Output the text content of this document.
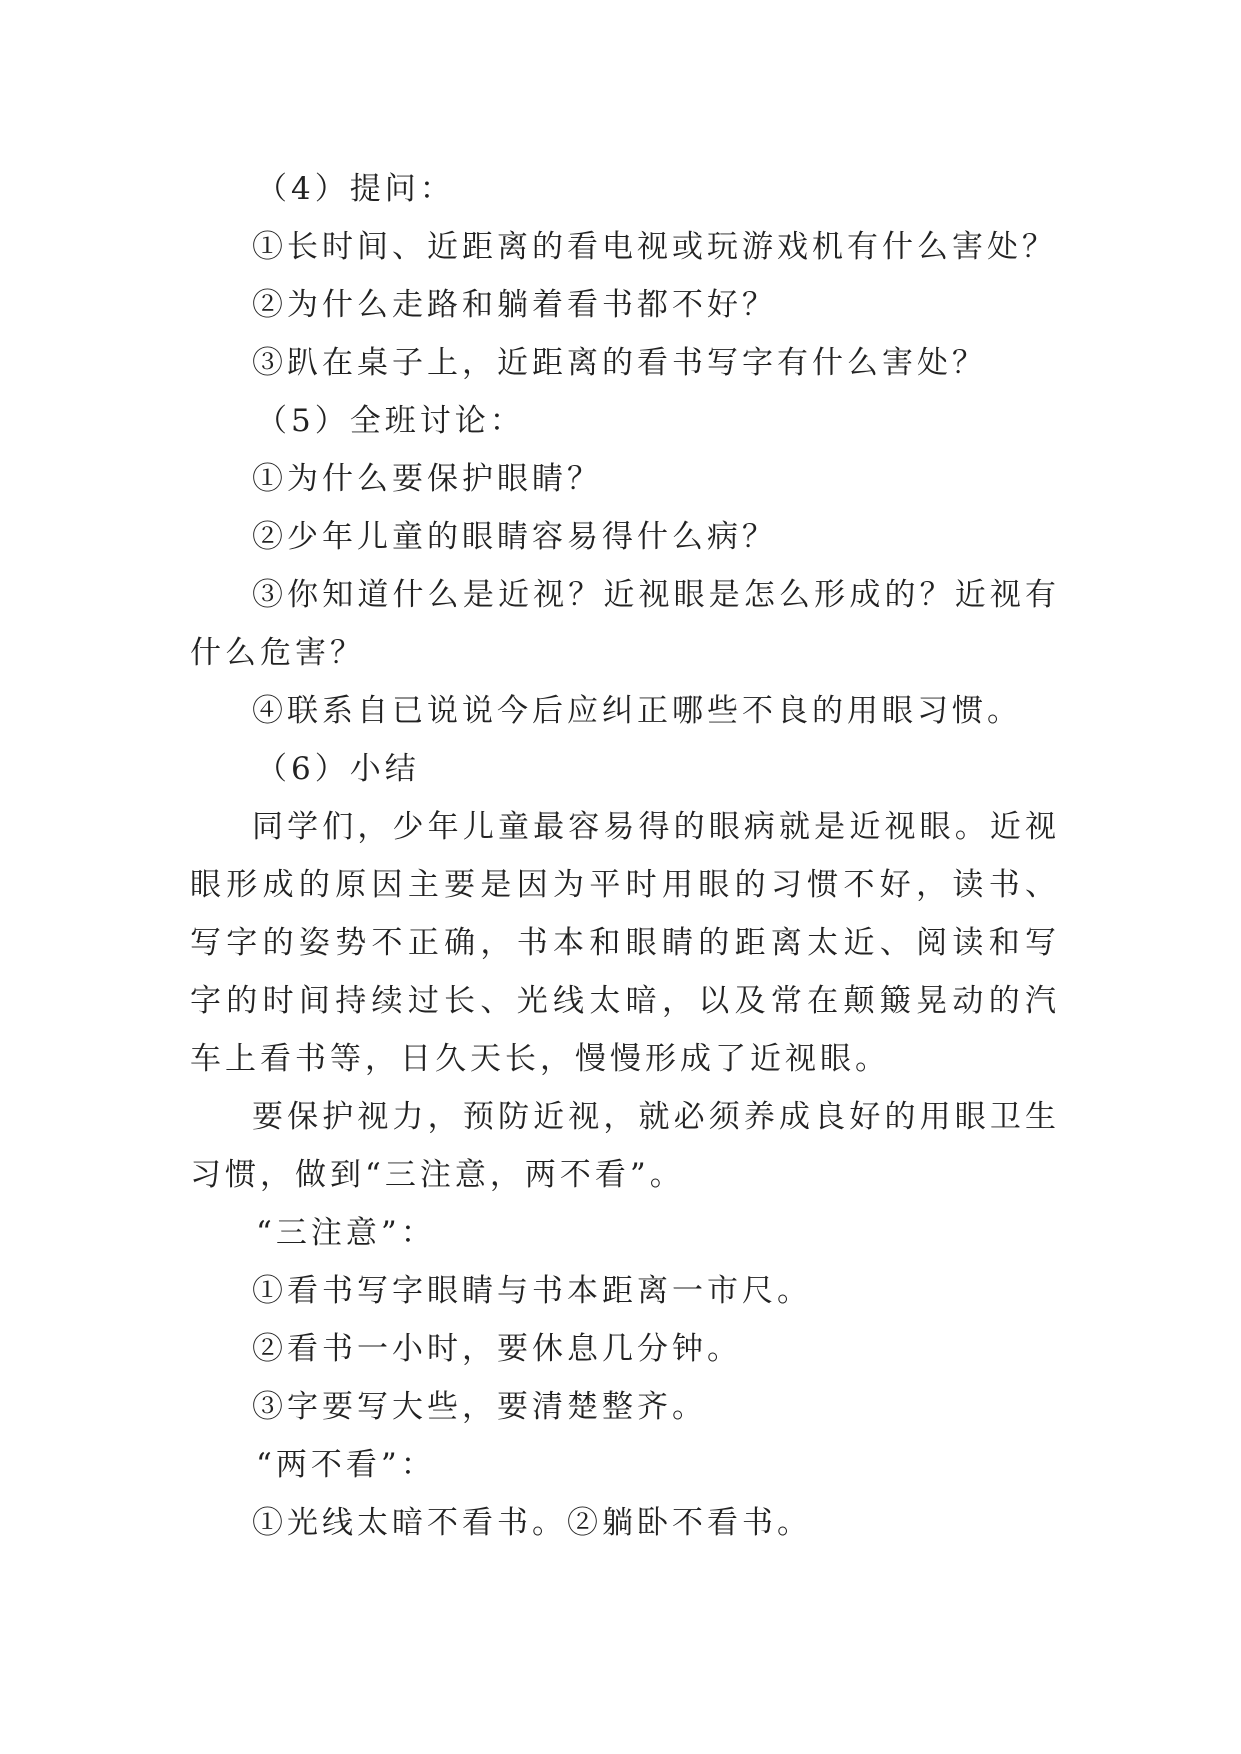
（4）提问：
①长时间、近距离的看电视或玩游戏机有什么害处？
②为什么走路和躺着看书都不好？
③趴在桌子上，近距离的看书写字有什么害处？
（5）全班讨论：
①为什么要保护眼睛？
②少年儿童的眼睛容易得什么病？
③你知道什么是近视？近视眼是怎么形成的？近视有什么危害？
④联系自已说说今后应纠正哪些不良的用眼习惯。
（6）小结
同学们，少年儿童最容易得的眼病就是近视眼。近视眼形成的原因主要是因为平时用眼的习惯不好，读书、写字的姿势不正确，书本和眼睛的距离太近、阅读和写字的时间持续过长、光线太暗，以及常在颠簸晃动的汽车上看书等，日久天长，慢慢形成了近视眼。
要保护视力，预防近视，就必须养成良好的用眼卫生习惯，做到“三注意，两不看”。
“三注意”：
①看书写字眼睛与书本距离一市尺。
②看书一小时，要休息几分钟。
③字要写大些，要清楚整齐。
“两不看”：
①光线太暗不看书。②躺卧不看书。
